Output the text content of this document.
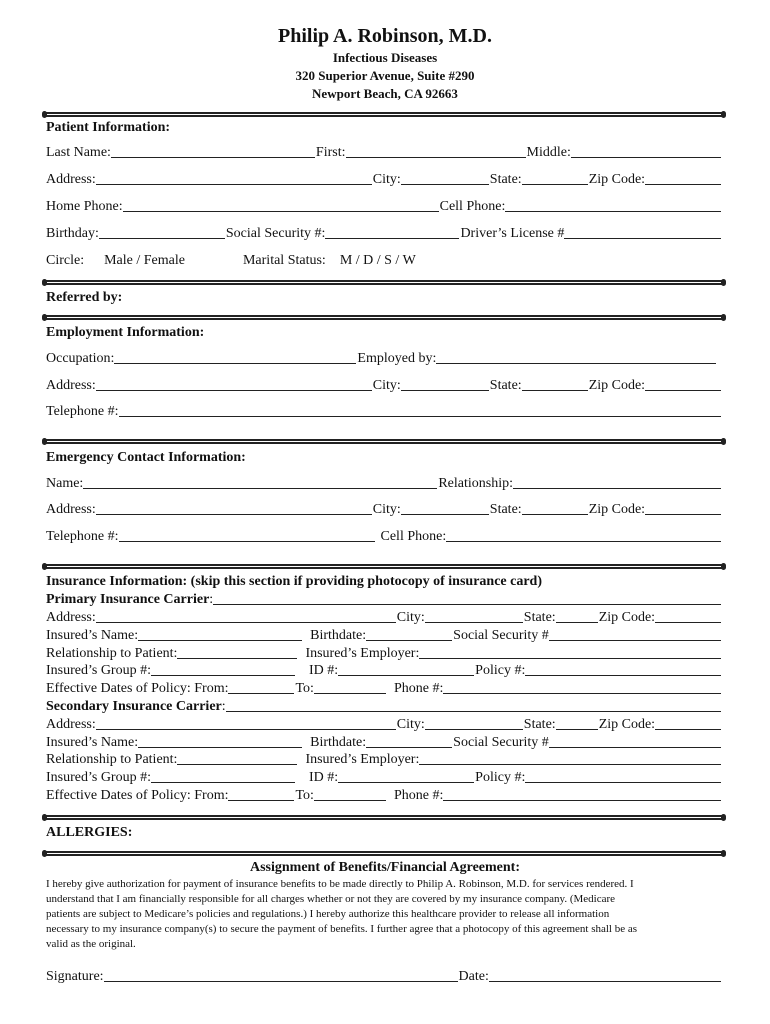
Philip A. Robinson, M.D.
Infectious Diseases
320 Superior Avenue, Suite #290
Newport Beach, CA 92663
Patient Information:
Last Name:	First:	Middle:
Address:	City:	State:	Zip Code:
Home Phone:	Cell Phone:
Birthday:	Social Security #:	Driver’s License #
Circle: Male / Female	Marital Status: M / D / S / W
Referred by:
Employment Information:
Occupation:	Employed by:
Address:	City:	State:	Zip Code:
Telephone #:
Emergency Contact Information:
Name:	Relationship:
Address:	City:	State:	Zip Code:
Telephone #:	Cell Phone:
Insurance Information: (skip this section if providing photocopy of insurance card)
Primary Insurance Carrier :
Address:	City:	State:	Zip Code:
Insured’s Name:	Birthdate:	Social Security #
Relationship to Patient:	Insured’s Employer:
Insured’s Group #:	ID #:	Policy #:
Effective Dates of Policy: From:	To:	Phone #:
Secondary Insurance Carrier :
Address:	City:	State:	Zip Code:
Insured’s Name:	Birthdate:	Social Security #
Relationship to Patient:	Insured’s Employer:
Insured’s Group #:	ID #:	Policy #:
Effective Dates of Policy: From:	To:	Phone #:
ALLERGIES:
Assignment of Benefits/Financial Agreement:
I hereby give authorization for payment of insurance benefits to be made directly to Philip A. Robinson, M.D. for services rendered. I
understand that I am financially responsible for all charges whether or not they are covered by my insurance company. (Medicare
patients are subject to Medicare’s policies and regulations.) I hereby authorize this healthcare provider to release all information
necessary to my insurance company(s) to secure the payment of benefits. I further agree that a photocopy of this agreement shall be as
valid as the original.
Signature:	Date:
